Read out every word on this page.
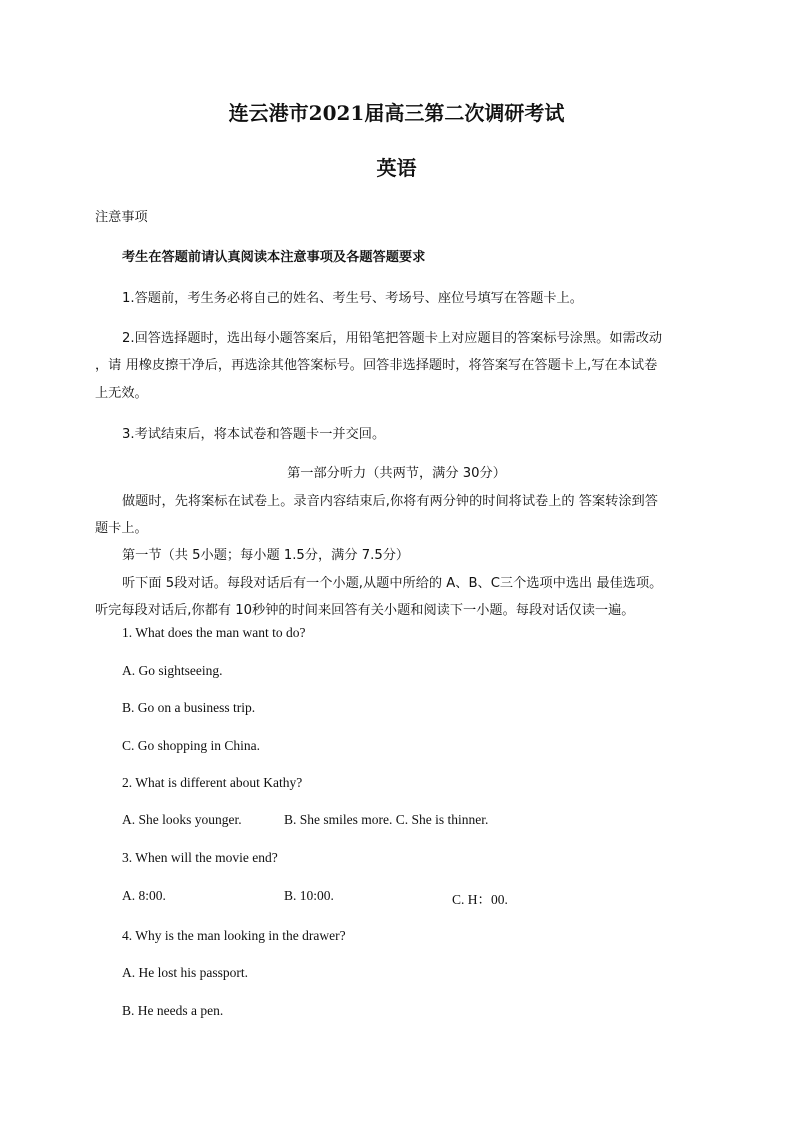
连云港市2021届高三第二次调研考试
英语
注意事项
考生在答题前请认真阅读本注意事项及各题答题要求
1.答题前，考生务必将自己的姓名、考生号、考场号、座位号填写在答题卡上。
2.回答选择题时，选出每小题答案后，用铅笔把答题卡上对应题目的答案标号涂黑。如需改动
，请 用橡皮擦干净后，再选涂其他答案标号。回答非选择题时，将答案写在答题卡上,写在本试卷
上无效。
3.考试结束后，将本试卷和答题卡一并交回。
第一部分听力（共两节，满分 30分）
做题时，先将案标在试卷上。录音内容结束后,你将有两分钟的时间将试卷上的 答案转涂到答
题卡上。
第一节（共 5小题；每小题 1.5分，满分 7.5分）
听下面 5段对话。每段对话后有一个小题,从题中所给的 A、B、C三个选项中选出 最佳选项。
听完每段对话后,你都有 10秒钟的时间来回答有关小题和阅读下一小题。每段对话仅读一遍。
1. What does the man want to do?
A. Go sightseeing.
B. Go on a business trip.
C. Go shopping in China.
2. What is different about Kathy?
A. She looks younger.	B. She smiles more. C. She is thinner.
3. When will the movie end?
A. 8:00.	B. 10:00.	C. H：00.
4. Why is the man looking in the drawer?
A. He lost his passport.
B. He needs a pen.
